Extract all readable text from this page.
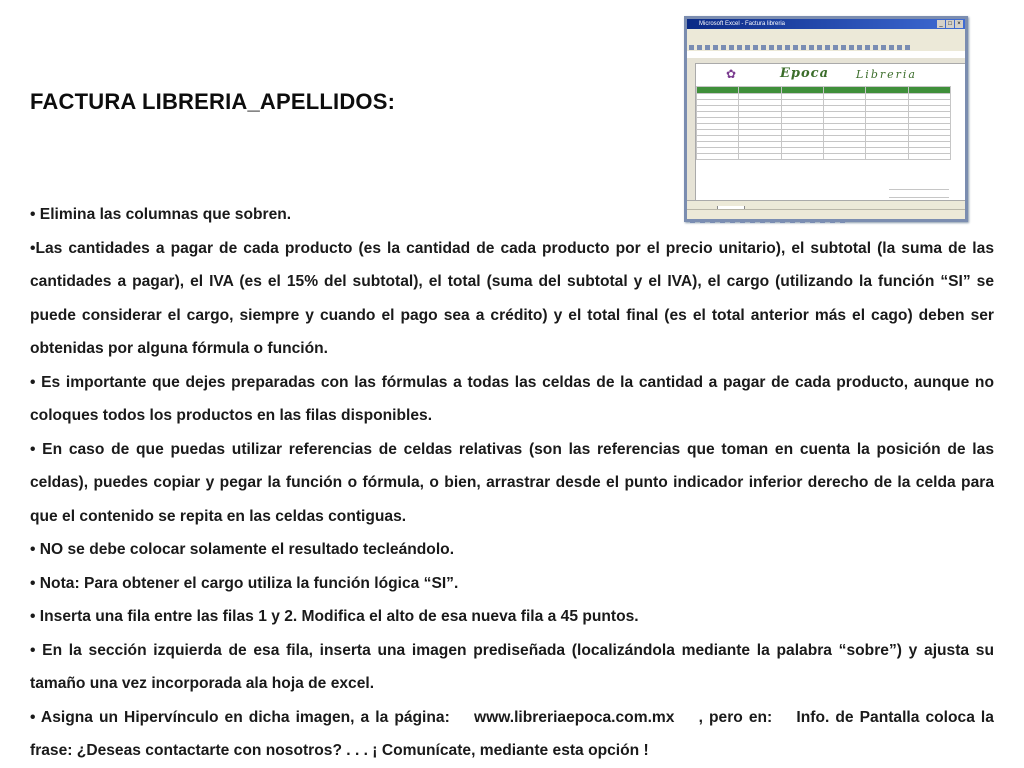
FACTURA LIBRERIA_APELLIDOS:
Microsoft Excel - Factura libreria	_ □ ×
✿	Epoca Libreria

• Elimina las columnas que sobren.

•Las cantidades a pagar de cada producto (es la cantidad de cada producto por el precio unitario), el subtotal (la suma de las cantidades a pagar), el IVA (es el 15% del subtotal), el total (suma del subtotal y el IVA), el cargo (utilizando la función “SI” se puede considerar el cargo, siempre y cuando el pago sea a crédito) y el total final (es el total anterior más el cago) deben ser obtenidas por alguna fórmula o función.

• Es importante que dejes preparadas con las fórmulas a todas las celdas de la cantidad a pagar de cada producto, aunque no coloques todos los productos en las filas disponibles.

• En caso de que puedas utilizar referencias de celdas relativas (son las referencias que toman en cuenta la posición de las celdas), puedes copiar y pegar la función o fórmula, o bien, arrastrar desde el punto indicador inferior derecho de la celda para que el contenido se repita en las celdas contiguas.

• NO se debe colocar solamente el resultado tecleándolo.

• Nota: Para obtener el cargo utiliza la función lógica “SI”.

• Inserta una fila entre las filas 1 y 2. Modifica el alto de esa nueva fila a 45 puntos.

• En la sección izquierda de esa fila, inserta una imagen prediseñada (localizándola mediante la palabra “sobre”) y ajusta su tamaño una vez incorporada ala hoja de excel.

• Asigna un Hipervínculo en dicha imagen, a la página: www.libreriaepoca.com.mx , pero en: Info. de Pantalla coloca la frase: ¿Deseas contactarte con nosotros? . . . ¡ Comunícate, mediante esta opción !
